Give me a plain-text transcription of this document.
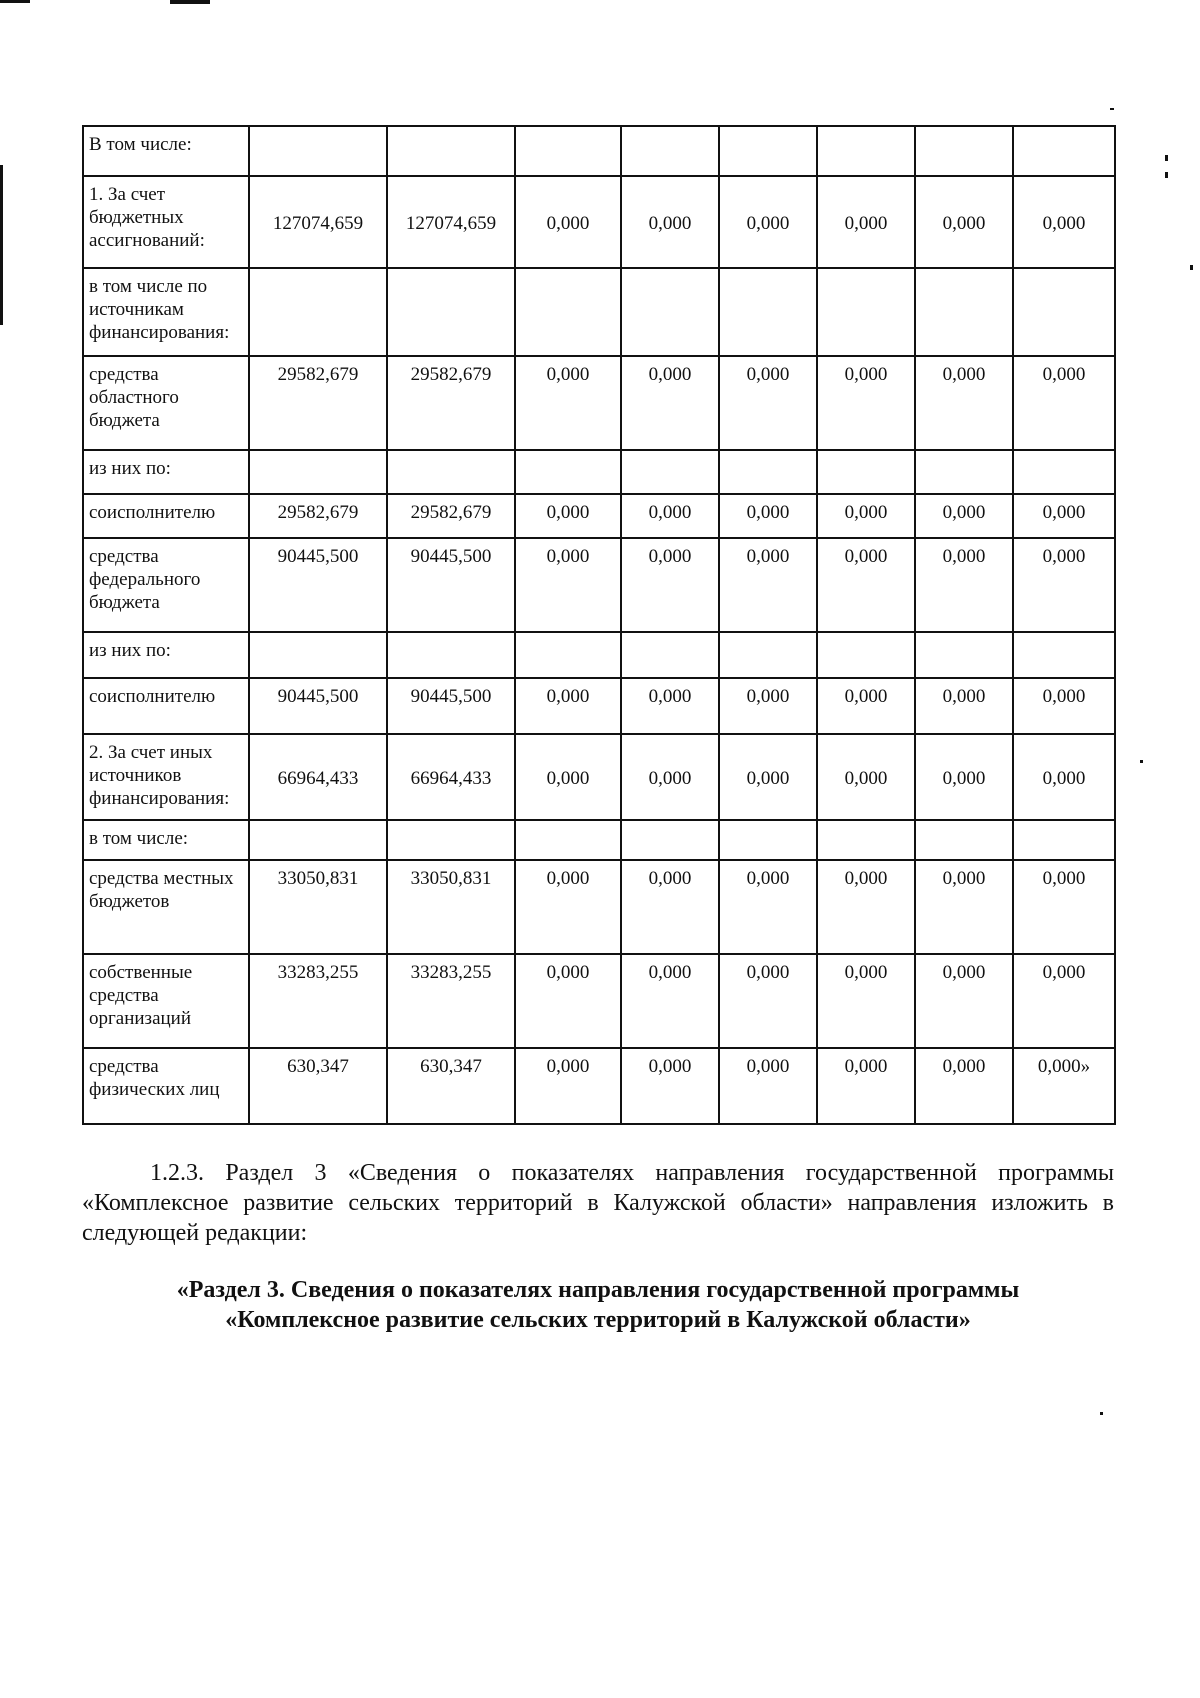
В том числе:								
1. За счет бюджетных ассигнований:	127074,659	127074,659	0,000	0,000	0,000	0,000	0,000	0,000
в том числе по источникам финансирования:								
средства областного бюджета	29582,679	29582,679	0,000	0,000	0,000	0,000	0,000	0,000
из них по:								
соисполнителю	29582,679	29582,679	0,000	0,000	0,000	0,000	0,000	0,000
средства федерального бюджета	90445,500	90445,500	0,000	0,000	0,000	0,000	0,000	0,000
из них по:								
соисполнителю	90445,500	90445,500	0,000	0,000	0,000	0,000	0,000	0,000
2. За счет иных источников финансирования:	66964,433	66964,433	0,000	0,000	0,000	0,000	0,000	0,000
в том числе:								
средства местных бюджетов	33050,831	33050,831	0,000	0,000	0,000	0,000	0,000	0,000
собственные средства организаций	33283,255	33283,255	0,000	0,000	0,000	0,000	0,000	0,000
средства физических лиц	630,347	630,347	0,000	0,000	0,000	0,000	0,000	0,000»
1.2.3. Раздел 3 «Сведения о показателях направления государственной программы «Комплексное развитие сельских территорий в Калужской области» направления изложить в следующей редакции:
«Раздел 3. Сведения о показателях направления государственной программы
«Комплексное развитие сельских территорий в Калужской области»
